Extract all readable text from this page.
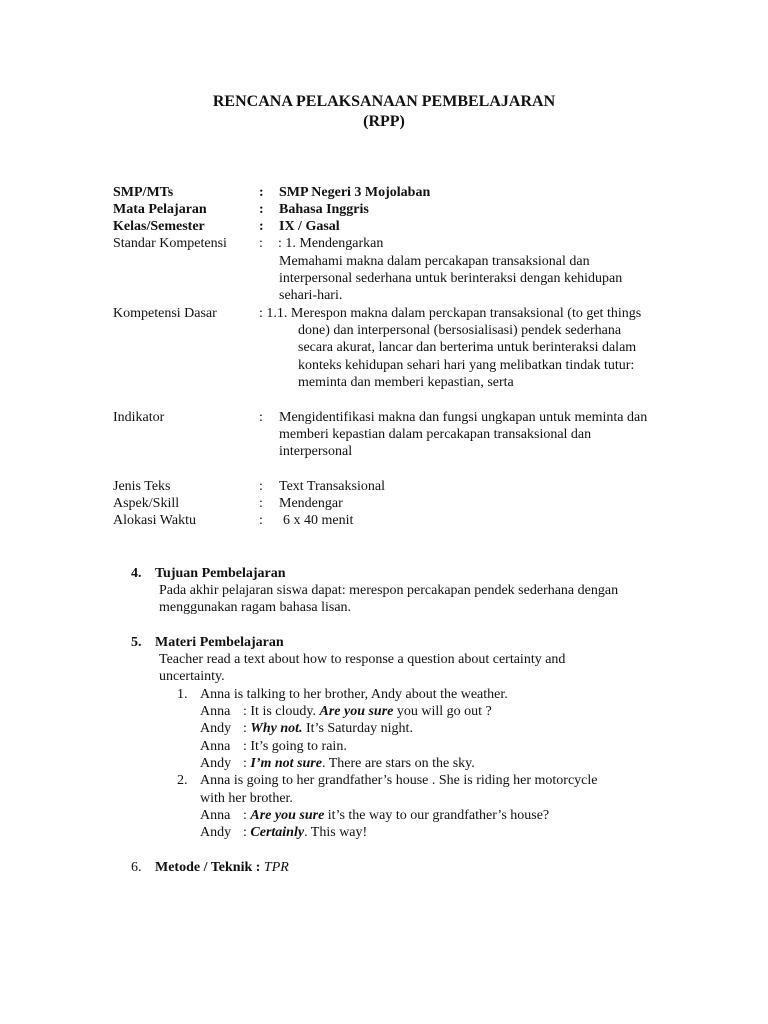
RENCANA PELAKSANAAN PEMBELAJARAN
(RPP)
SMP/MTs	: SMP Negeri 3 Mojolaban
Mata Pelajaran	: Bahasa Inggris
Kelas/Semester	: IX / Gasal
Standar Kompetensi : : 1. Mendengarkan
Memahami makna dalam percakapan transaksional dan
interpersonal sederhana untuk berinteraksi dengan kehidupan
sehari-hari.
Kompetensi Dasar	: 1.1. Merespon makna dalam perckapan transaksional (to get things
done) dan interpersonal (bersosialisasi) pendek sederhana
secara akurat, lancar dan berterima untuk berinteraksi dalam
konteks kehidupan sehari hari yang melibatkan tindak tutur:
meminta dan memberi kepastian, serta
Indikator	: Mengidentifikasi makna dan fungsi ungkapan untuk meminta dan
memberi kepastian dalam percakapan transaksional dan
interpersonal
Jenis Teks	: Text Transaksional
Aspek/Skill	: Mendengar
Alokasi Waktu	: 6 x 40 menit
4. Tujuan Pembelajaran
Pada akhir pelajaran siswa dapat: merespon percakapan pendek sederhana dengan
menggunakan ragam bahasa lisan.
5. Materi Pembelajaran
Teacher read a text about how to response a question about certainty and
uncertainty.
1. Anna is talking to her brother, Andy about the weather.
Anna : It is cloudy. Are you sure you will go out ?
Andy : Why not. It’s Saturday night.
Anna : It’s going to rain.
Andy : I’m not sure. There are stars on the sky.
2. Anna is going to her grandfather’s house . She is riding her motorcycle
with her brother.
Anna : Are you sure it’s the way to our grandfather’s house?
Andy : Certainly. This way!
6. Metode / Teknik : TPR
